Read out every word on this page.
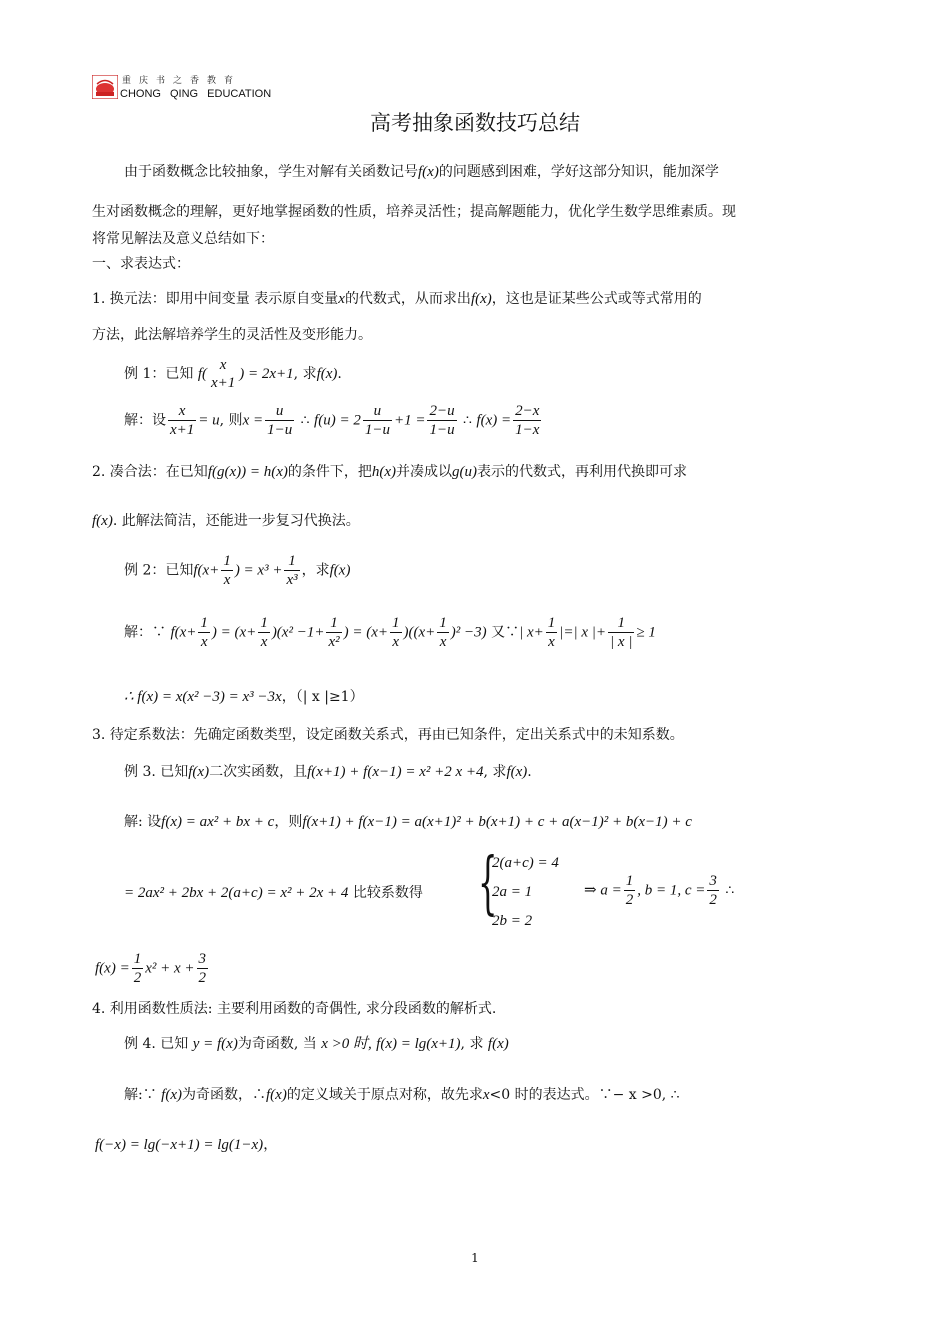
重庆书之香教育
CHONG QING EDUCATION
高考抽象函数技巧总结
由于函数概念比较抽象，学生对解有关函数记号f(x)的问题感到困难，学好这部分知识，能加深学
生对函数概念的理解，更好地掌握函数的性质，培养灵活性；提高解题能力，优化学生数学思维素质。现
将常见解法及意义总结如下：
一、求表达式：
1. 换元法：即用中间变量 表示原自变量x的代数式，从而求出f(x)，这也是证某些公式或等式常用的
方法，此法解培养学生的灵活性及变形能力。
例 1：已知 f(
x
x+1
) = 2x+1, 求f(x).
解：设 $\frac{x}{x+1} = u$, 则$x = \frac{u}{1-u}$ ∴ $f(u) = 2 \frac{u}{1-u} +1 = \frac{2-u}{1-u}$ ∴ $f(x) = \frac{2-x}{1-x}$
2. 凑合法：在已知f(g(x)) = h(x)的条件下，把h(x)并凑成以g(u)表示的代数式，再利用代换即可求
f(x). 此解法简洁，还能进一步复习代换法。
例 2：已知$f(x+ \frac{1}{x}$ ) = $x^3 + \frac{1}{\text{x³}}$ ，求f(x)
解：∵ $f(x+ \frac{1}{x}$ ) = $(x+ \frac{1}{x} )(x^2 -1+ \frac{1}{\text{x²}}$ ) = $(x+ \frac{1}{x} )((x+ \frac{1}{x} )^2 -3)$ 又∵| $x+ \frac{1}{x}$ |=| x |+ $\frac{1}{| x |} \ge 1$
∴ f(x) = x(x² −3) = x³ −3x，（| x |≥1）
3. 待定系数法：先确定函数类型，设定函数关系式，再由已知条件，定出关系式中的未知系数。
例 3. 已知f(x)二次实函数，且f(x+1) + f(x−1) = x² +2 x +4, 求f(x).
解: 设f(x) = ax² + bx + c，则f(x+1) + f(x−1) = a(x+1)² + b(x+1) + c + a(x−1)² + b(x−1) + c
= 2ax² + 2bx + 2(a+c) = x² + 2x + 4 比较系数得 {
2(a+c) = 4
2a = 1
2b = 2
⇒ $a = \frac{1}{2}$ , b = 1, $c = \frac{3}{2}$ ∴
$f(x) = \frac{1}{2} x^2 + x + \frac{3}{2}$
4. 利用函数性质法: 主要利用函数的奇偶性, 求分段函数的解析式.
例 4. 已知 y = f(x)为奇函数, 当 x >0 时, f(x) = lg(x+1), 求 f(x)
解:∵ f(x)为奇函数，∴f(x)的定义域关于原点对称，故先求x<0 时的表达式。∵− x >0, ∴
f(−x) = lg(−x+1) = lg(1−x)，
1
